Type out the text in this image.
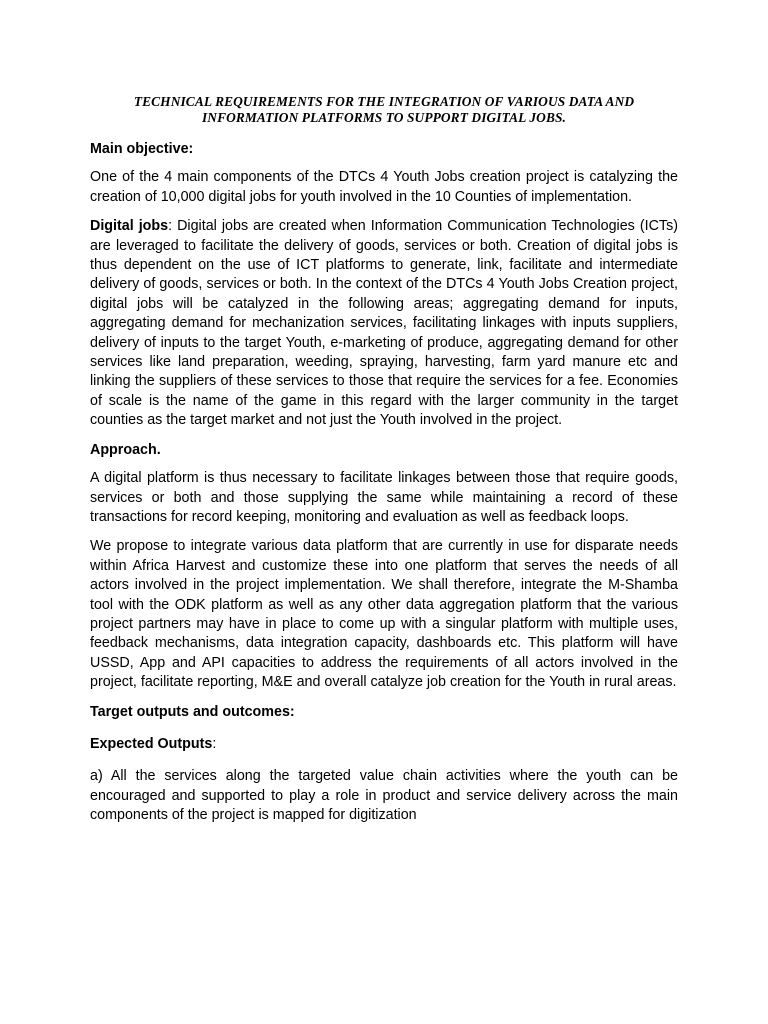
TECHNICAL REQUIREMENTS FOR THE INTEGRATION OF VARIOUS DATA AND
INFORMATION PLATFORMS TO SUPPORT DIGITAL JOBS.
Main objective:

One of the 4 main components of the DTCs 4 Youth Jobs creation project is catalyzing the creation of 10,000 digital jobs for youth involved in the 10 Counties of implementation.

Digital jobs: Digital jobs are created when Information Communication Technologies (ICTs) are leveraged to facilitate the delivery of goods, services or both. Creation of digital jobs is thus dependent on the use of ICT platforms to generate, link, facilitate and intermediate delivery of goods, services or both. In the context of the DTCs 4 Youth Jobs Creation project, digital jobs will be catalyzed in the following areas; aggregating demand for inputs, aggregating demand for mechanization services, facilitating linkages with inputs suppliers, delivery of inputs to the target Youth, e-marketing of produce, aggregating demand for other services like land preparation, weeding, spraying, harvesting, farm yard manure etc and linking the suppliers of these services to those that require the services for a fee. Economies of scale is the name of the game in this regard with the larger community in the target counties as the target market and not just the Youth involved in the project.

Approach.

A digital platform is thus necessary to facilitate linkages between those that require goods, services or both and those supplying the same while maintaining a record of these transactions for record keeping, monitoring and evaluation as well as feedback loops.

We propose to integrate various data platform that are currently in use for disparate needs within Africa Harvest and customize these into one platform that serves the needs of all actors involved in the project implementation. We shall therefore, integrate the M-Shamba tool with the ODK platform as well as any other data aggregation platform that the various project partners may have in place to come up with a singular platform with multiple uses, feedback mechanisms, data integration capacity, dashboards etc. This platform will have USSD, App and API capacities to address the requirements of all actors involved in the project, facilitate reporting, M&E and overall catalyze job creation for the Youth in rural areas.

Target outputs and outcomes:

Expected Outputs:

a) All the services along the targeted value chain activities where the youth can be encouraged and supported to play a role in product and service delivery across the main components of the project is mapped for digitization
